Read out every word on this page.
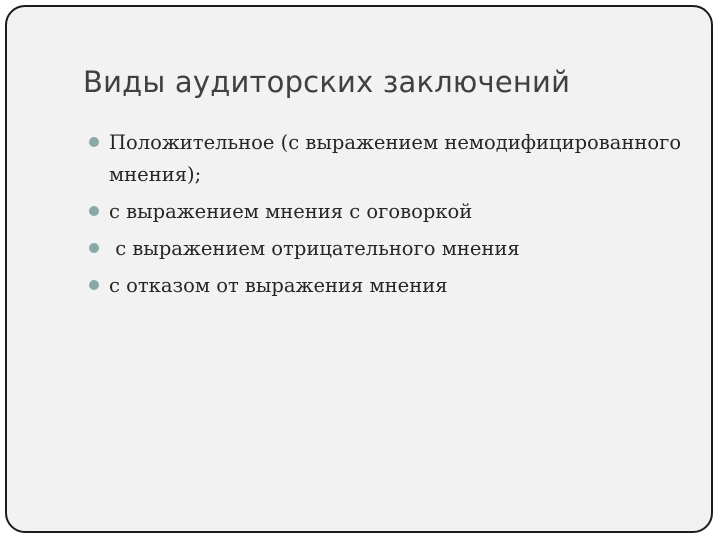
Виды аудиторских заключений
Положительное (с выражением немодифицированного мнения);
с выражением мнения с оговоркой
с выражением отрицательного мнения
с отказом от выражения мнения
